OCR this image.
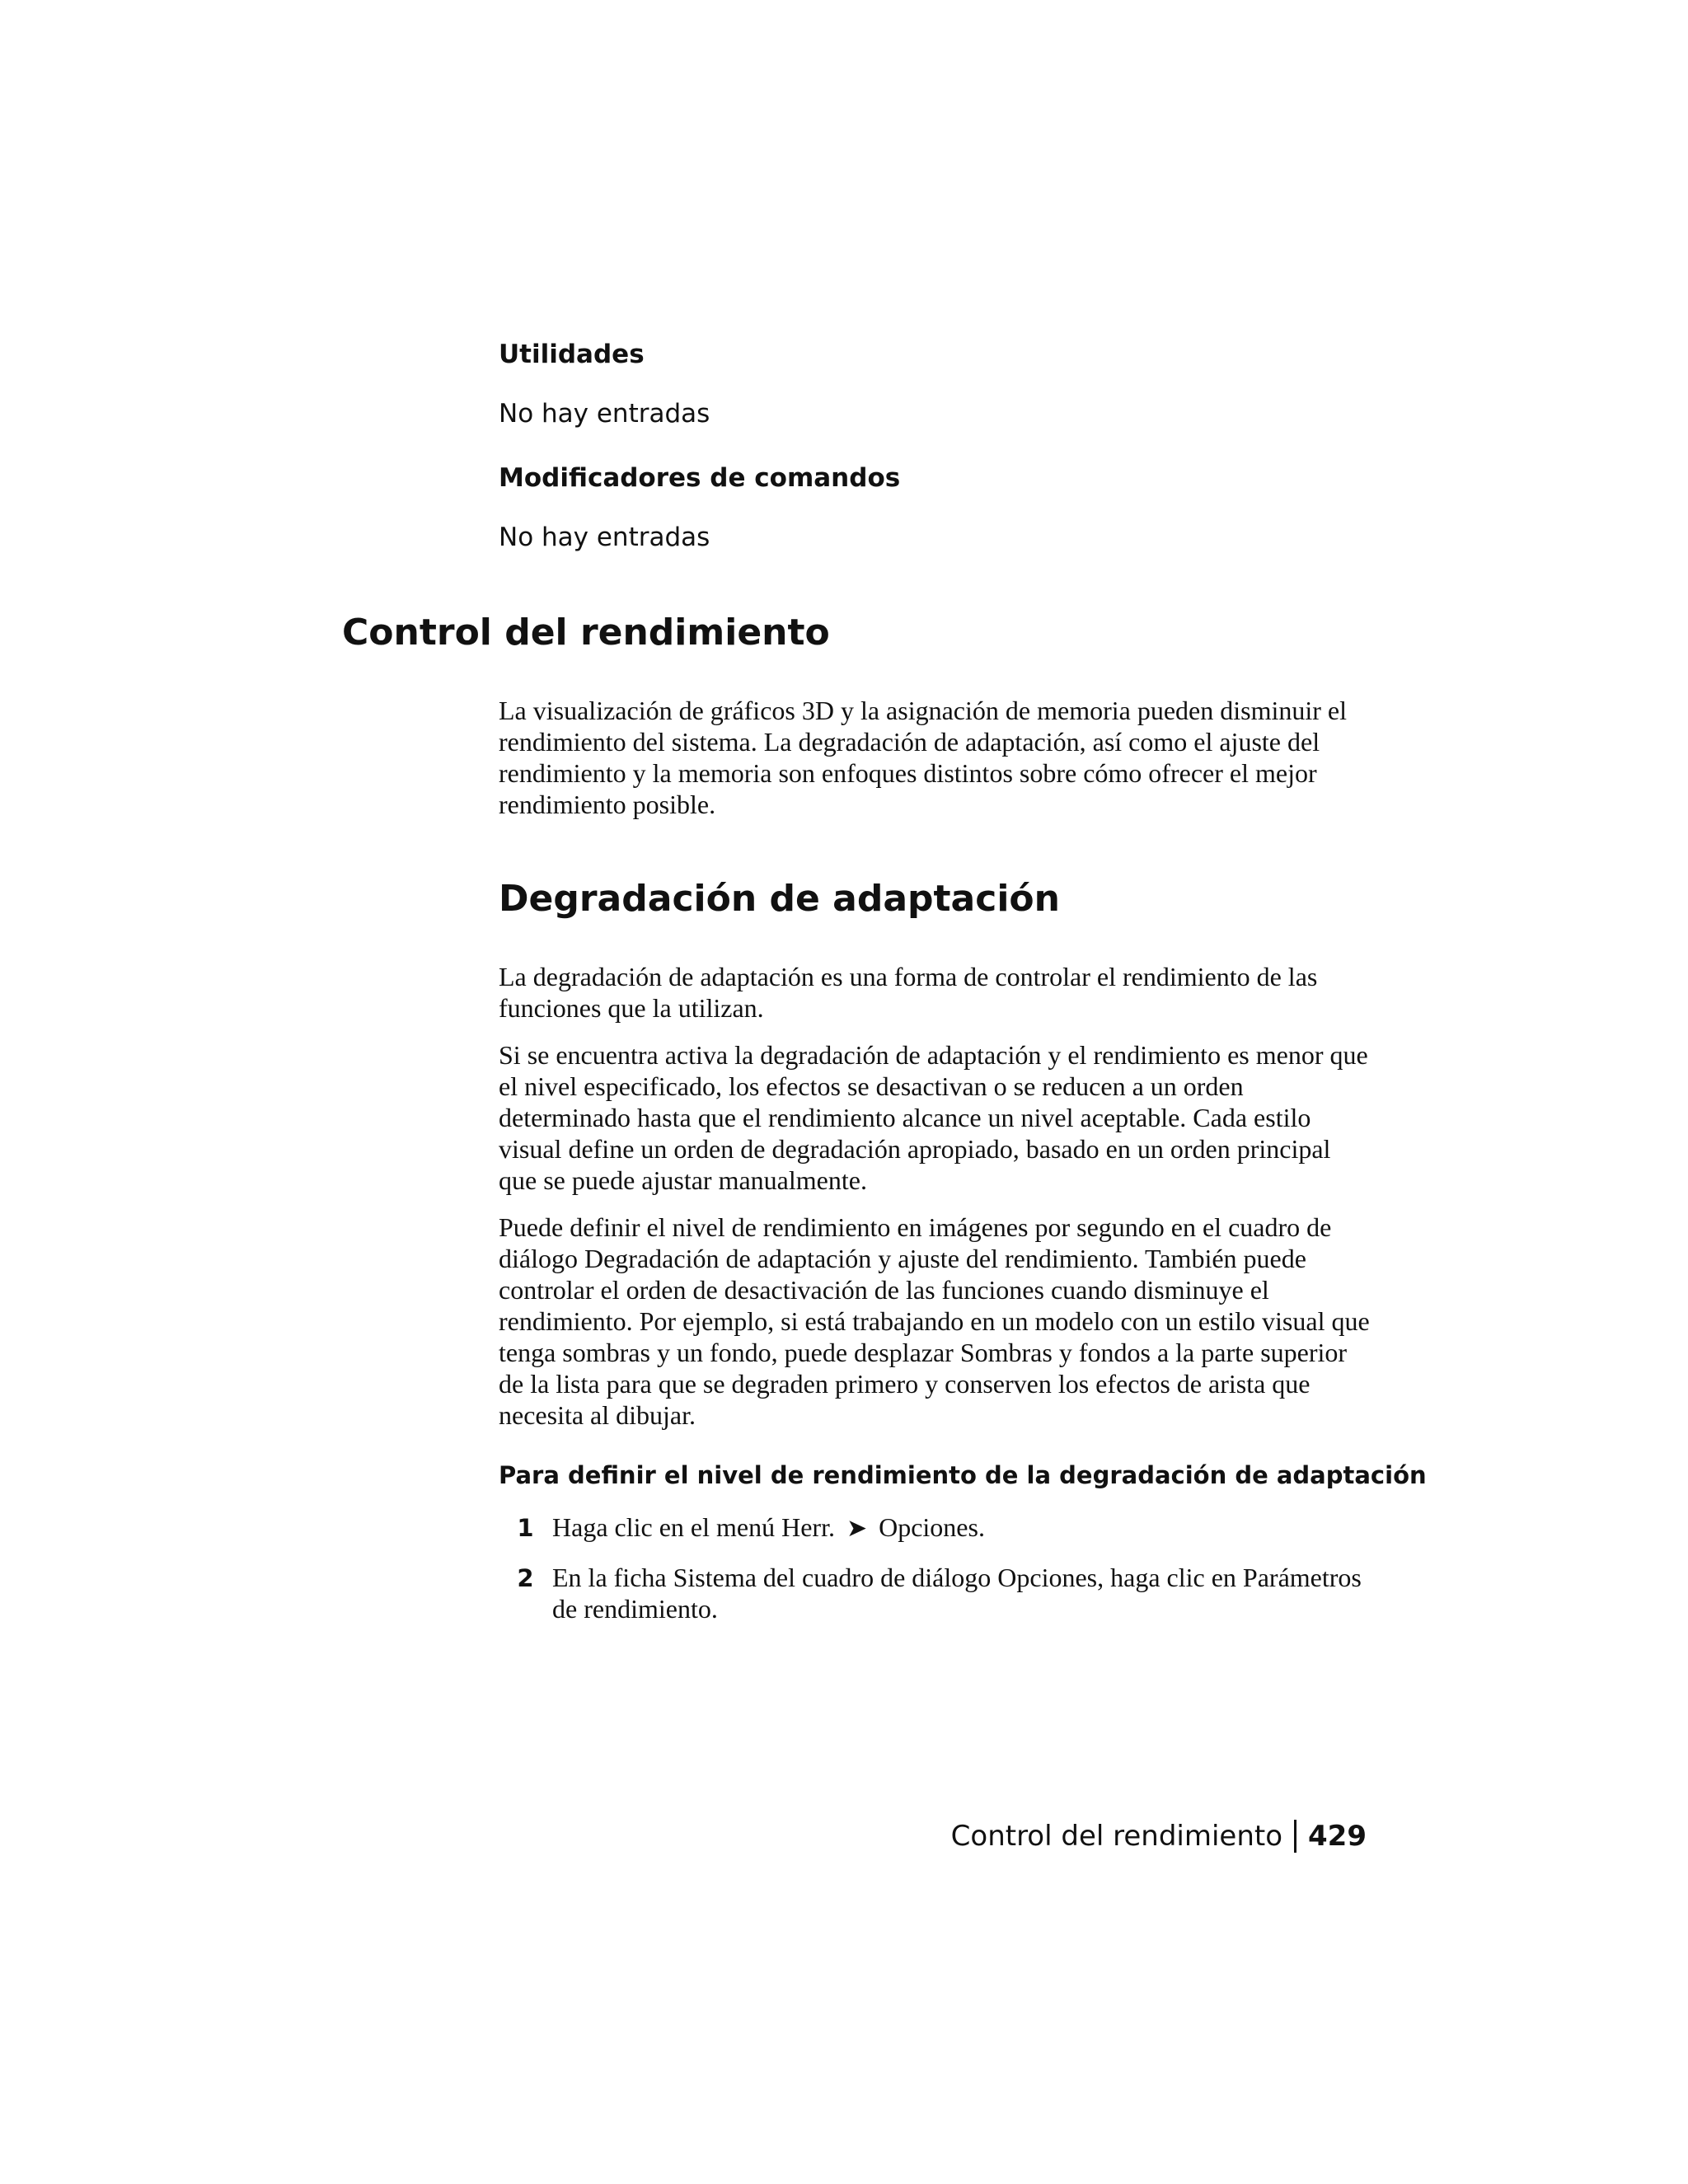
Utilidades

No hay entradas

Modificadores de comandos

No hay entradas

Control del rendimiento

La visualización de gráficos 3D y la asignación de memoria pueden disminuir el rendimiento del sistema. La degradación de adaptación, así como el ajuste del rendimiento y la memoria son enfoques distintos sobre cómo ofrecer el mejor rendimiento posible.

Degradación de adaptación

La degradación de adaptación es una forma de controlar el rendimiento de las funciones que la utilizan.

Si se encuentra activa la degradación de adaptación y el rendimiento es menor que el nivel especificado, los efectos se desactivan o se reducen a un orden determinado hasta que el rendimiento alcance un nivel aceptable. Cada estilo visual define un orden de degradación apropiado, basado en un orden principal que se puede ajustar manualmente.

Puede definir el nivel de rendimiento en imágenes por segundo en el cuadro de diálogo Degradación de adaptación y ajuste del rendimiento. También puede controlar el orden de desactivación de las funciones cuando disminuye el rendimiento. Por ejemplo, si está trabajando en un modelo con un estilo visual que tenga sombras y un fondo, puede desplazar Sombras y fondos a la parte superior de la lista para que se degraden primero y conserven los efectos de arista que necesita al dibujar.

Para definir el nivel de rendimiento de la degradación de adaptación
1 Haga clic en el menú Herr. ➤ Opciones.
2 En la ficha Sistema del cuadro de diálogo Opciones, haga clic en Parámetros de rendimiento.
Control del rendimiento 429
